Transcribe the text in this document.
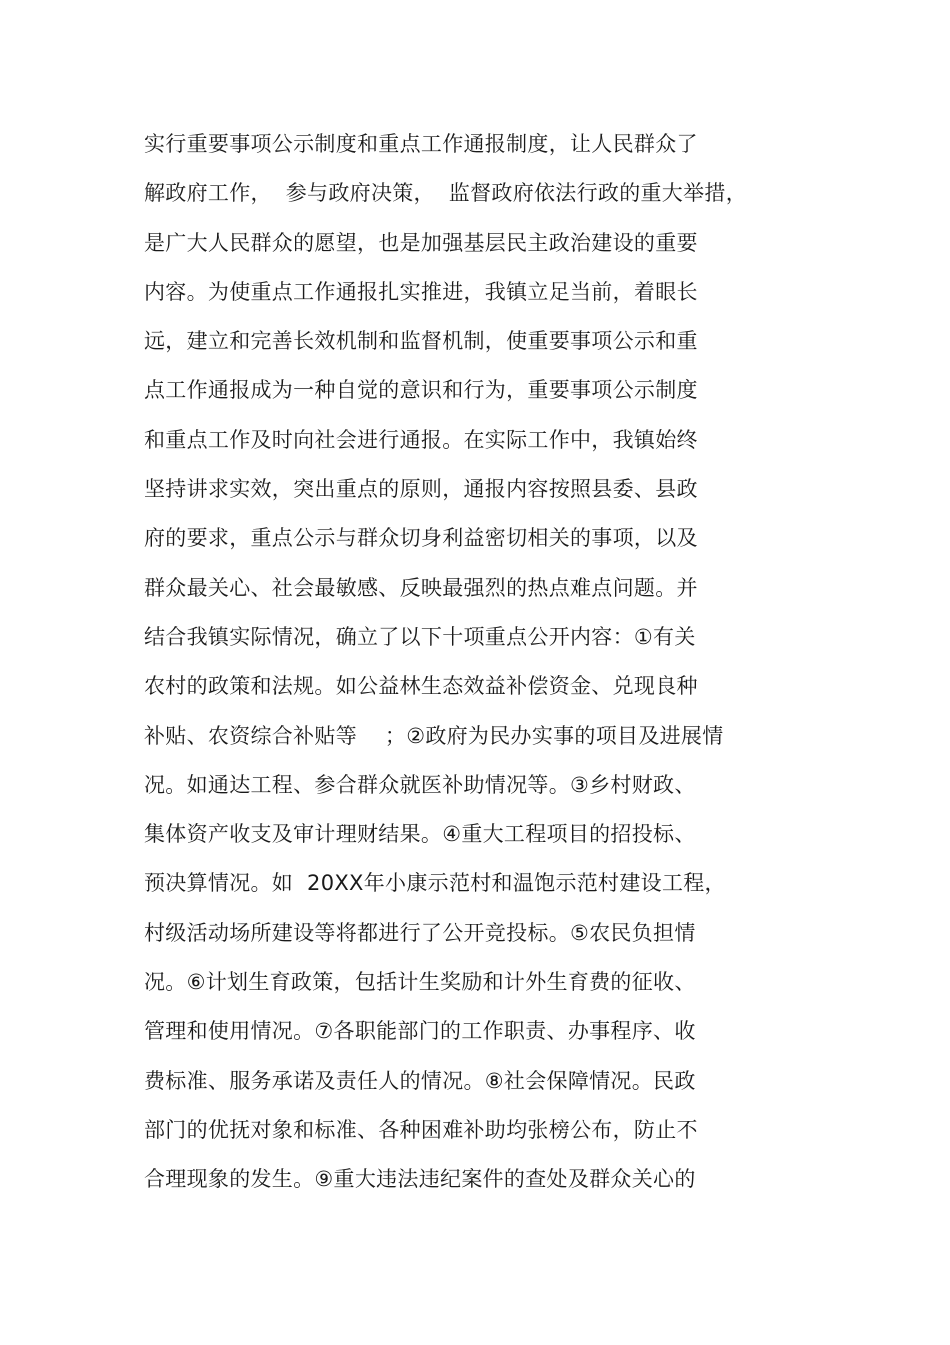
实行重要事项公示制度和重点工作通报制度，让人民群众了
解政府工作，  参与政府决策，  监督政府依法行政的重大举措，
是广大人民群众的愿望，也是加强基层民主政治建设的重要
内容。为使重点工作通报扎实推进，我镇立足当前，着眼长
远，建立和完善长效机制和监督机制，使重要事项公示和重
点工作通报成为一种自觉的意识和行为，重要事项公示制度
和重点工作及时向社会进行通报。在实际工作中，我镇始终
坚持讲求实效，突出重点的原则，通报内容按照县委、县政
府的要求，重点公示与群众切身利益密切相关的事项，以及
群众最关心、社会最敏感、反映最强烈的热点难点问题。并
结合我镇实际情况，确立了以下十项重点公开内容：①有关
农村的政策和法规。如公益林生态效益补偿资金、兑现良种
补贴、农资综合补贴等    ；②政府为民办实事的项目及进展情
况。如通达工程、参合群众就医补助情况等。③乡村财政、
集体资产收支及审计理财结果。④重大工程项目的招投标、
预决算情况。如  20XX年小康示范村和温饱示范村建设工程，
村级活动场所建设等将都进行了公开竞投标。⑤农民负担情
况。⑥计划生育政策，包括计生奖励和计外生育费的征收、
管理和使用情况。⑦各职能部门的工作职责、办事程序、收
费标准、服务承诺及责任人的情况。⑧社会保障情况。民政
部门的优抚对象和标准、各种困难补助均张榜公布，防止不
合理现象的发生。⑨重大违法违纪案件的查处及群众关心的
